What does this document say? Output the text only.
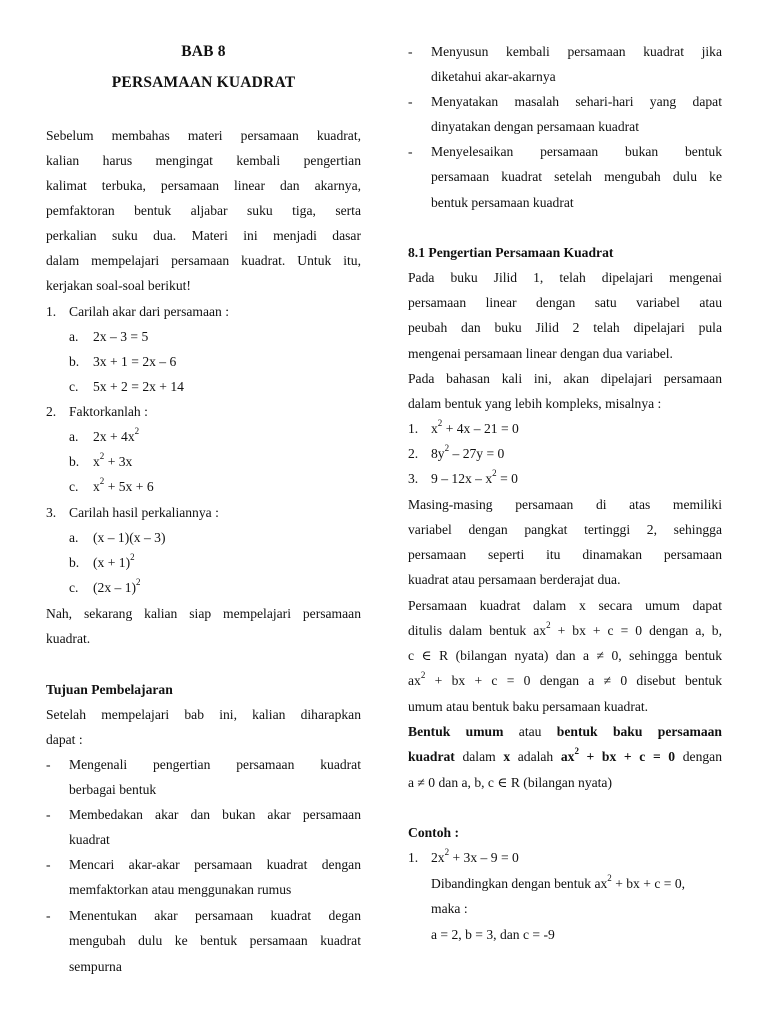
BAB 8
PERSAMAAN KUADRAT
Sebelum membahas materi persamaan kuadrat,
kalian harus mengingat kembali pengertian
kalimat terbuka, persamaan linear dan akarnya,
pemfaktoran bentuk aljabar suku tiga, serta
perkalian suku dua. Materi ini menjadi dasar
dalam mempelajari persamaan kuadrat. Untuk itu,
kerjakan soal-soal berikut!
1. Carilah akar dari persamaan :
a. 2x – 3 = 5
b. 3x + 1 = 2x – 6
c. 5x + 2 = 2x + 14
2. Faktorkanlah :
a. $2x + 4x^2$
b. $x^2 + 3x$
c. $x^2 + 5x + 6$
3. Carilah hasil perkaliannya :
a. (x – 1)(x – 3)
b. $(x + 1)^2$
c. (2x – 1)$^2$
Nah, sekarang kalian siap mempelajari persamaan
kuadrat.
Tujuan Pembelajaran
Setelah mempelajari bab ini, kalian diharapkan
dapat :
- Mengenali pengertian persamaan kuadrat
berbagai bentuk
- Membedakan akar dan bukan akar persamaan
kuadrat
- Mencari akar-akar persamaan kuadrat dengan
memfaktorkan atau menggunakan rumus
- Menentukan akar persamaan kuadrat degan
mengubah dulu ke bentuk persamaan kuadrat
sempurna
- Menyusun kembali persamaan kuadrat jika
diketahui akar-akarnya
- Menyatakan masalah sehari-hari yang dapat
dinyatakan dengan persamaan kuadrat
- Menyelesaikan persamaan bukan bentuk
persamaan kuadrat setelah mengubah dulu ke
bentuk persamaan kuadrat
8.1 Pengertian Persamaan Kuadrat
Pada buku Jilid 1, telah dipelajari mengenai
persamaan linear dengan satu variabel atau
peubah dan buku Jilid 2 telah dipelajari pula
mengenai persamaan linear dengan dua variabel.
Pada bahasan kali ini, akan dipelajari persamaan
dalam bentuk yang lebih kompleks, misalnya :
1. $x^2 + 4x - 21 = 0$
2. $8y^2 - 27y = 0$
3. $9 - 12x - x^2 = 0$
Masing-masing persamaan di atas memiliki
variabel dengan pangkat tertinggi 2, sehingga
persamaan seperti itu dinamakan persamaan
kuadrat atau persamaan berderajat dua.
Persamaan kuadrat dalam x secara umum dapat
ditulis dalam bentuk $ax^2$ + bx + c = 0 dengan a, b,
c ∈ R (bilangan nyata) dan a ≠ 0, sehingga bentuk
$ax^2$ + bx + c = 0 dengan a ≠ 0 disebut bentuk
umum atau bentuk baku persamaan kuadrat.
Bentuk umum atau bentuk baku persamaan
kuadrat dalam x adalah $ax^2$ + bx + c = 0 dengan
a ≠ 0 dan a, b, c ∈ R (bilangan nyata)
Contoh :
1. $2x^2 + 3x - 9 = 0$
Dibandingkan dengan bentuk $ax^2$ + bx + c = 0,
maka :
a = 2, b = 3, dan c = -9
